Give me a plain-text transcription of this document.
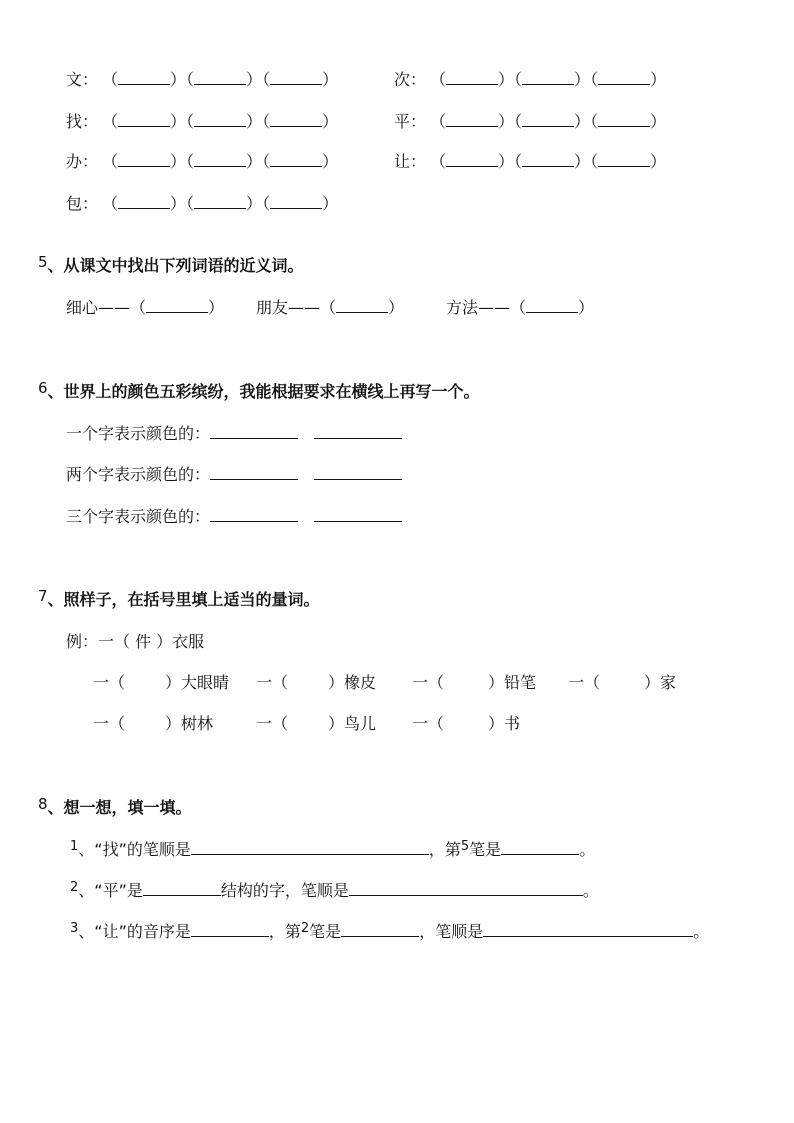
文： （	）（	）（	）	次： （	）（	）（	）
找： （	）（	）（	）	平： （	）（	）（	）
办： （	）（	）（	）	让： （	）（	）（	）
包： （	）（	）（	）
5、从课文中找出下列词语的近义词。
细心——（	） 朋友——（	）	方法——（	）
6、世界上的颜色五彩缤纷，我能根据要求在横线上再写一个。
一个字表示颜色的：
两个字表示颜色的：
三个字表示颜色的：
7、照样子，在括号里填上适当的量词。
例：一（ 件 ）衣服
一（	）大眼睛 一（	）橡皮 一（	）铅笔 一（	）家
一（	）树林	一（	）鸟儿 一（	）书
8、想一想，填一填。
$^1$、“找”的笔顺是	，第$^5$笔是	。
$^2$、“平”是	结构的字，笔顺是	。
$^3$、“让”的音序是	，第$^2$笔是	，笔顺是	。
